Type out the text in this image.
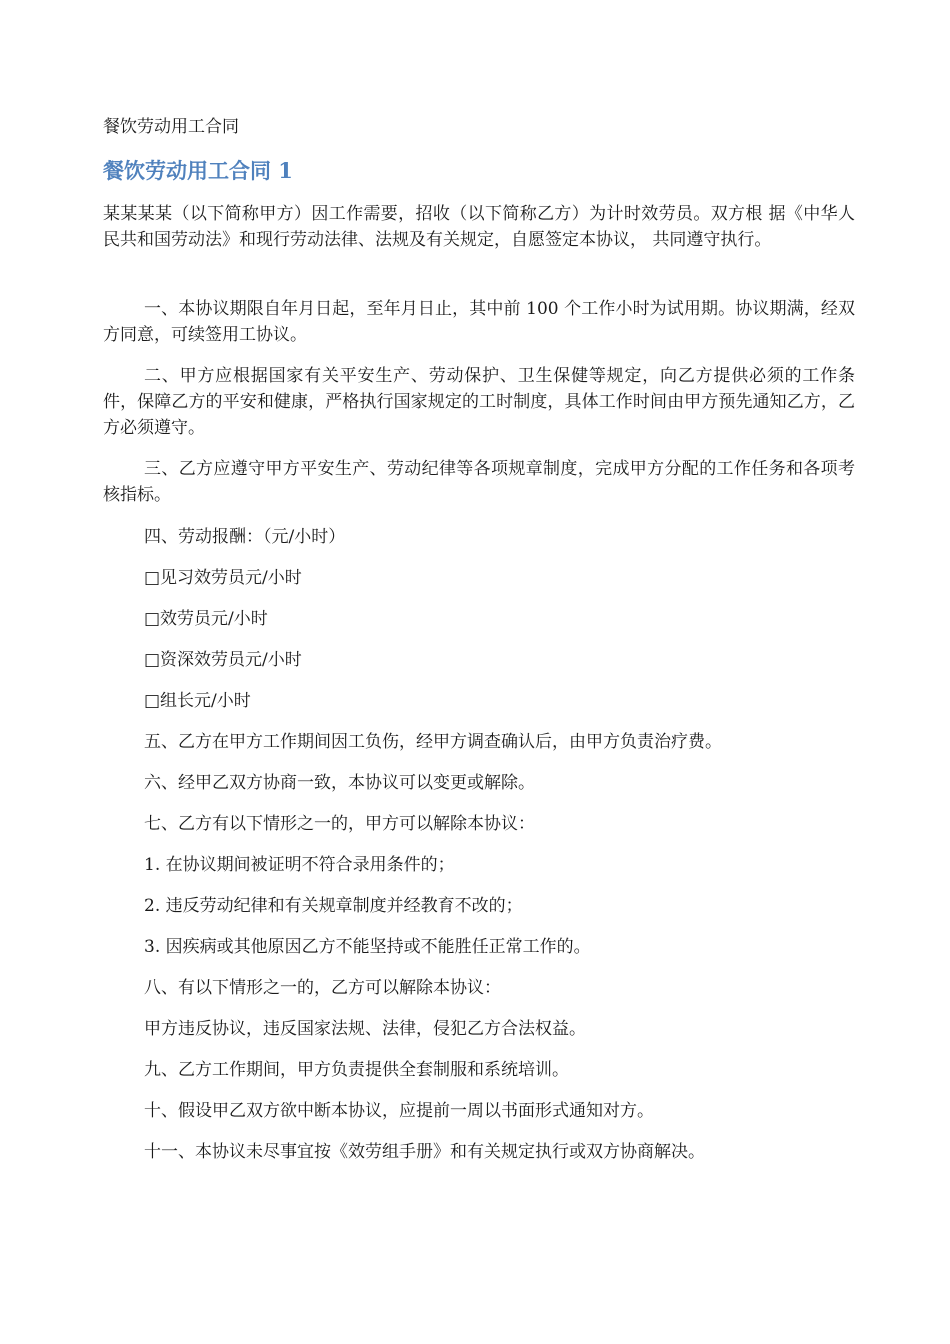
餐饮劳动用工合同
餐饮劳动用工合同 1
某某某某（以下简称甲方）因工作需要，招收（以下简称乙方）为计时效劳员。双方根 据《中华人民共和国劳动法》和现行劳动法律、法规及有关规定，自愿签定本协议， 共同遵守执行。
一、本协议期限自年月日起，至年月日止，其中前 100 个工作小时为试用期。协议期满，经双方同意，可续签用工协议。
二、甲方应根据国家有关平安生产、劳动保护、卫生保健等规定，向乙方提供必须的工作条件，保障乙方的平安和健康，严格执行国家规定的工时制度，具体工作时间由甲方预先通知乙方，乙方必须遵守。
三、乙方应遵守甲方平安生产、劳动纪律等各项规章制度，完成甲方分配的工作任务和各项考核指标。
四、劳动报酬：（元/小时）
□见习效劳员元/小时
□效劳员元/小时
□资深效劳员元/小时
□组长元/小时
五、乙方在甲方工作期间因工负伤，经甲方调查确认后，由甲方负责治疗费。
六、经甲乙双方协商一致，本协议可以变更或解除。
七、乙方有以下情形之一的，甲方可以解除本协议：
1. 在协议期间被证明不符合录用条件的；
2. 违反劳动纪律和有关规章制度并经教育不改的；
3. 因疾病或其他原因乙方不能坚持或不能胜任正常工作的。
八、有以下情形之一的，乙方可以解除本协议：
甲方违反协议，违反国家法规、法律，侵犯乙方合法权益。
九、乙方工作期间，甲方负责提供全套制服和系统培训。
十、假设甲乙双方欲中断本协议，应提前一周以书面形式通知对方。
十一、本协议未尽事宜按《效劳组手册》和有关规定执行或双方协商解决。
